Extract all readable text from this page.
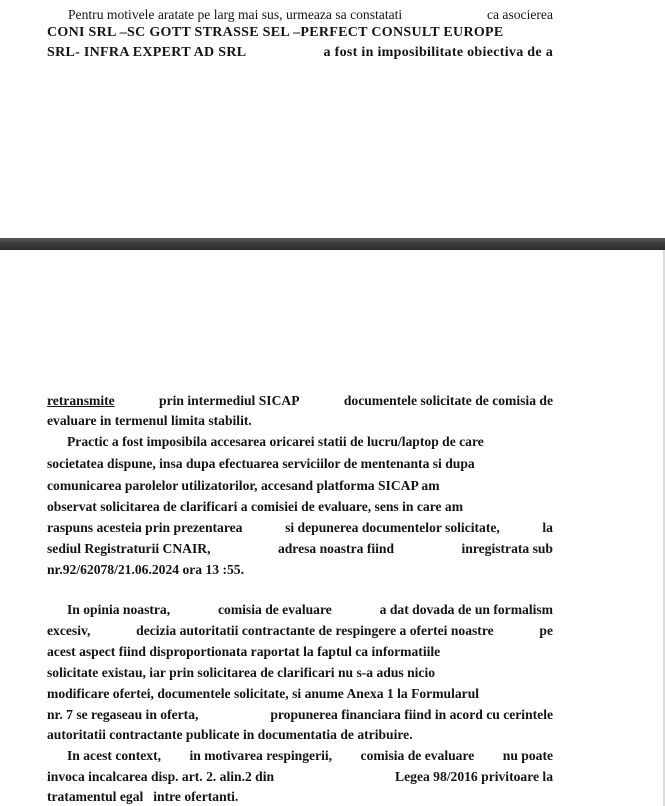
Pentru motivele aratate pe larg mai sus, urmeaza sa constatati	ca asocierea
CONI SRL –SC GOTT STRASSE SEL –PERFECT CONSULT EUROPE
SRL- INFRA EXPERT AD SRL	a fost in imposibilitate obiectiva de a
retransmite	prin intermediul SICAP	documentele solicitate de comisia de
evaluare in termenul limita stabilit.
Practic a fost imposibila accesarea oricarei statii de lucru/laptop de care
societatea dispune, insa dupa efectuarea serviciilor de mentenanta si dupa
comunicarea parolelor utilizatorilor, accesand platforma SICAP am
observat solicitarea de clarificari a comisiei de evaluare, sens in care am
raspuns acesteia prin prezentarea	si depunerea documentelor solicitate,	la
sediul Registraturii CNAIR,	adresa noastra fiind	inregistrata sub
nr.92/62078/21.06.2024 ora 13 :55.
In opinia noastra,	comisia de evaluare	a dat dovada de un formalism
excesiv,	decizia autoritatii contractante de respingere a ofertei noastre	pe
acest aspect fiind disproportionata raportat la faptul ca informatiile
solicitate existau, iar prin solicitarea de clarificari nu s-a adus nicio
modificare ofertei, documentele solicitate, si anume Anexa 1 la Formularul
nr. 7 se regaseau in oferta,	propunerea financiara fiind in acord cu cerintele
autoritatii contractante publicate in documentatia de atribuire.
In acest context, in motivarea respingerii, comisia de evaluare nu poate
invoca incalcarea disp. art. 2. alin.2 din	Legea 98/2016 privitoare la
tratamentul egal intre ofertanti.
